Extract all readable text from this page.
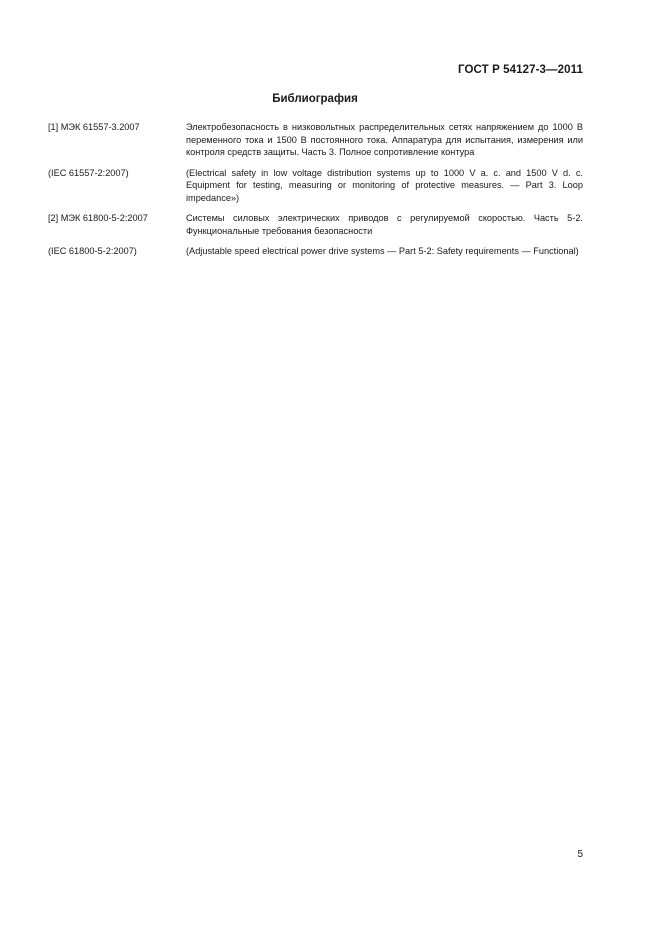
ГОСТ Р 54127-3—2011
Библиография
[1] МЭК 61557-3.2007	Электробезопасность в низковольтных распределительных сетях напряжением до 1000 В переменного тока и 1500 В постоянного тока. Аппаратура для испытания, измерения или контроля средств защиты. Часть 3. Полное сопротивление контура
(IEC 61557-2:2007)	(Electrical safety in low voltage distribution systems up to 1000 V a. c. and 1500 V d. c. Equipment for testing, measuring or monitoring of protective measures. — Part 3. Loop impedance»)
[2] МЭК 61800-5-2:2007	Системы силовых электрических приводов с регулируемой скоростью. Часть 5-2. Функциональные требования безопасности
(IEC 61800-5-2:2007)	(Adjustable speed electrical power drive systems — Part 5-2: Safety requirements — Functional)
5
